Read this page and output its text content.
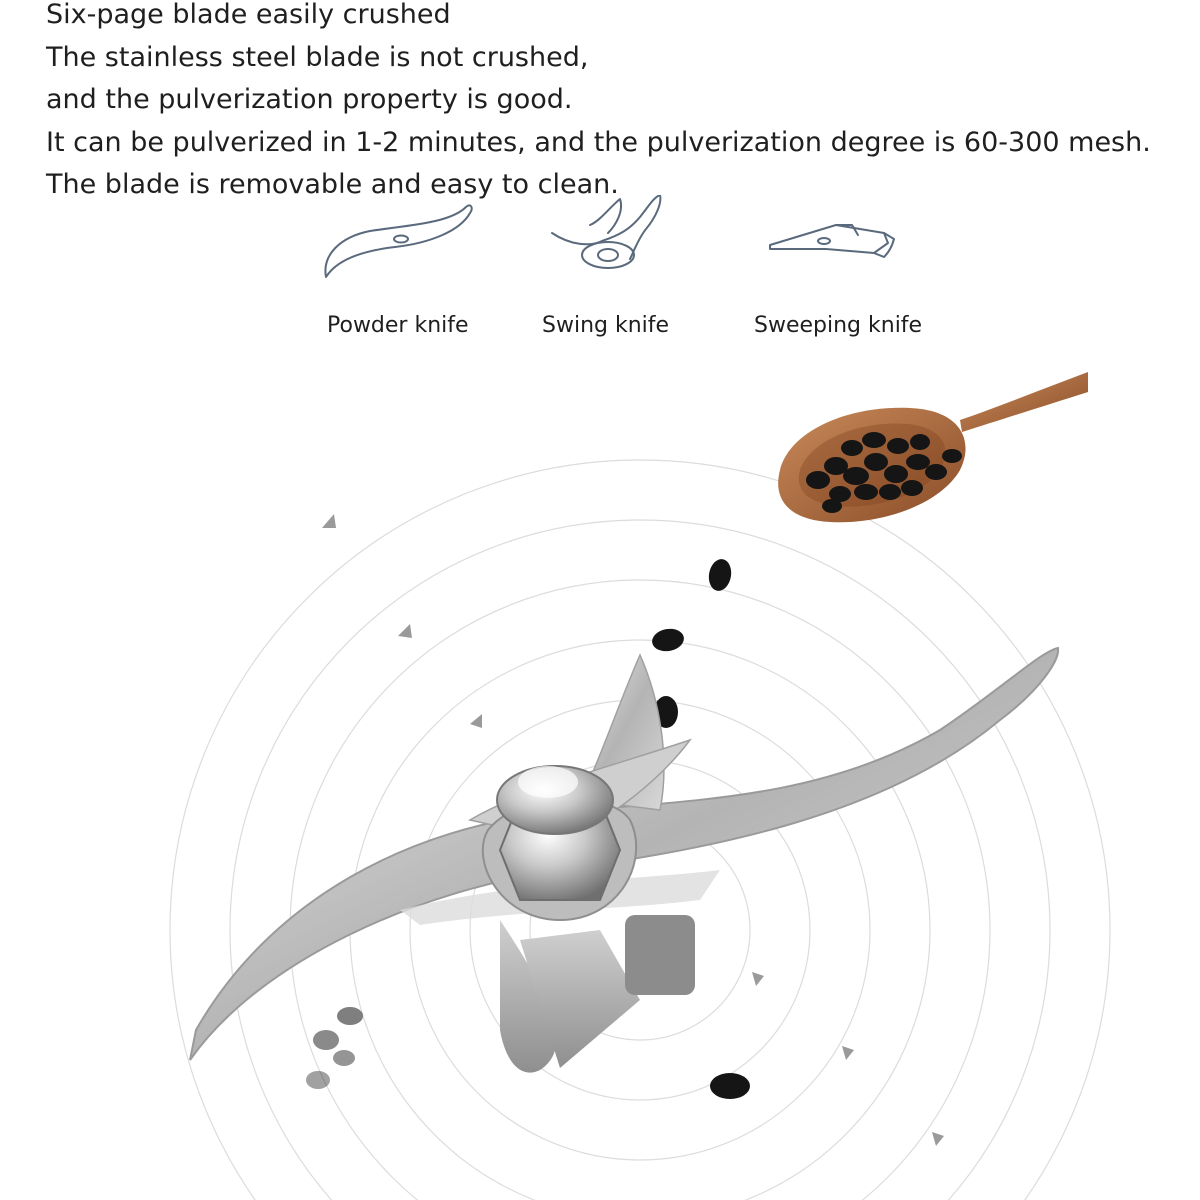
Six-page blade easily crushed
The stainless steel blade is not crushed,
and the pulverization property is good.
It can be pulverized in 1-2 minutes, and the pulverization degree is 60-300 mesh.
The blade is removable and easy to clean.
Powder knife	Swing knife	Sweeping knife
